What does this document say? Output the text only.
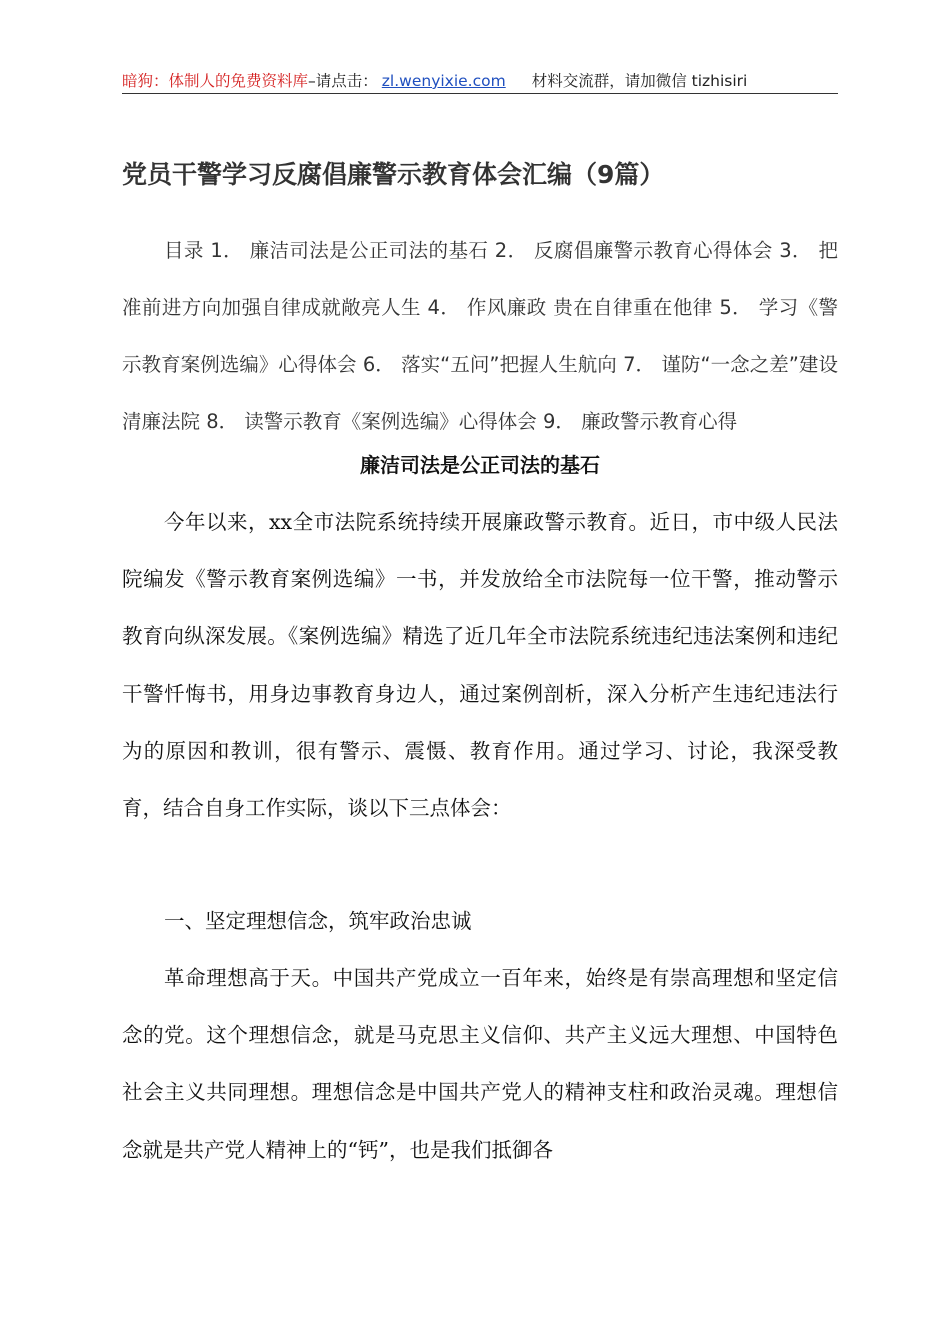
暗狗：体制人的免费资料库–请点击： zl.wenyixie.com 材料交流群，请加微信 tizhisiri
党员干警学习反腐倡廉警示教育体会汇编（9篇）

目录 1． 廉洁司法是公正司法的基石 2． 反腐倡廉警示教育心得体会 3． 把准前进方向加强自律成就敞亮人生 4． 作风廉政 贵在自律重在他律 5． 学习《警示教育案例选编》心得体会 6． 落实“五问”把握人生航向 7． 谨防“一念之差”建设清廉法院 8． 读警示教育《案例选编》心得体会 9． 廉政警示教育心得

廉洁司法是公正司法的基石

今年以来，xx全市法院系统持续开展廉政警示教育。近日，市中级人民法院编发《警示教育案例选编》一书，并发放给全市法院每一位干警，推动警示教育向纵深发展。《案例选编》精选了近几年全市法院系统违纪违法案例和违纪干警忏悔书，用身边事教育身边人，通过案例剖析，深入分析产生违纪违法行为的原因和教训，很有警示、震慑、教育作用。通过学习、讨论，我深受教育，结合自身工作实际，谈以下三点体会：

一、坚定理想信念，筑牢政治忠诚

革命理想高于天。中国共产党成立一百年来，始终是有崇高理想和坚定信念的党。这个理想信念，就是马克思主义信仰、共产主义远大理想、中国特色社会主义共同理想。理想信念是中国共产党人的精神支柱和政治灵魂。理想信念就是共产党人精神上的“钙”，也是我们抵御各
